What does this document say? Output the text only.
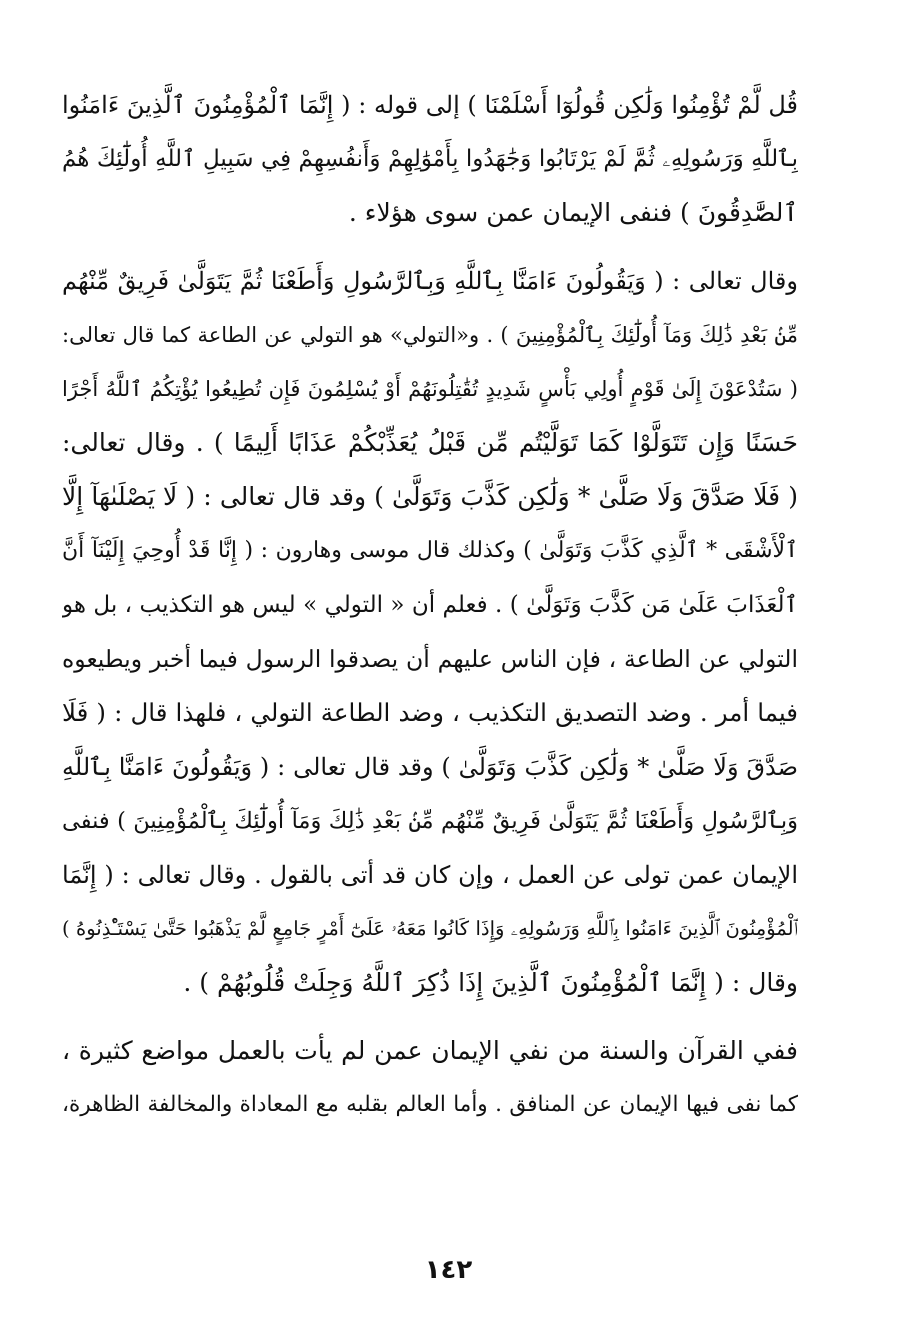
قُل لَّمْ تُؤْمِنُوا وَلَٰكِن قُولُوٓا أَسْلَمْنَا ) إلى قوله : ( إِنَّمَا ٱلْمُؤْمِنُونَ ٱلَّذِينَ ءَامَنُوا
بِٱللَّهِ وَرَسُولِهِۦ ثُمَّ لَمْ يَرْتَابُوا وَجَٰهَدُوا بِأَمْوَٰلِهِمْ وَأَنفُسِهِمْ فِي سَبِيلِ ٱللَّهِ أُولَٰٓئِكَ هُمُ
ٱلصَّٰدِقُونَ ) فنفى الإيمان عمن سوى هؤلاء .
وقال تعالى : ( وَيَقُولُونَ ءَامَنَّا بِٱللَّهِ وَبِٱلرَّسُولِ وَأَطَعْنَا ثُمَّ يَتَوَلَّىٰ فَرِيقٌ مِّنْهُم
مِّنۢ بَعْدِ ذَٰلِكَ وَمَآ أُولَٰٓئِكَ بِٱلْمُؤْمِنِينَ ) . و«التولي» هو التولي عن الطاعة كما قال تعالى:
( سَتُدْعَوْنَ إِلَىٰ قَوْمٍ أُولِي بَأْسٍ شَدِيدٍ تُقَٰتِلُونَهُمْ أَوْ يُسْلِمُونَ فَإِن تُطِيعُوا يُؤْتِكُمُ ٱللَّهُ أَجْرًا
حَسَنًا وَإِن تَتَوَلَّوْا كَمَا تَوَلَّيْتُم مِّن قَبْلُ يُعَذِّبْكُمْ عَذَابًا أَلِيمًا ) . وقال تعالى:
( فَلَا صَدَّقَ وَلَا صَلَّىٰ * وَلَٰكِن كَذَّبَ وَتَوَلَّىٰ ) وقد قال تعالى : ( لَا يَصْلَىٰهَآ إِلَّا
ٱلْأَشْقَى * ٱلَّذِي كَذَّبَ وَتَوَلَّىٰ ) وكذلك قال موسى وهارون : ( إِنَّا قَدْ أُوحِيَ إِلَيْنَآ أَنَّ
ٱلْعَذَابَ عَلَىٰ مَن كَذَّبَ وَتَوَلَّىٰ ) . فعلم أن « التولي » ليس هو التكذيب ، بل هو
التولي عن الطاعة ، فإن الناس عليهم أن يصدقوا الرسول فيما أخبر ويطيعوه
فيما أمر . وضد التصديق التكذيب ، وضد الطاعة التولي ، فلهذا قال : ( فَلَا
صَدَّقَ وَلَا صَلَّىٰ * وَلَٰكِن كَذَّبَ وَتَوَلَّىٰ ) وقد قال تعالى : ( وَيَقُولُونَ ءَامَنَّا بِٱللَّهِ
وَبِٱلرَّسُولِ وَأَطَعْنَا ثُمَّ يَتَوَلَّىٰ فَرِيقٌ مِّنْهُم مِّنۢ بَعْدِ ذَٰلِكَ وَمَآ أُولَٰٓئِكَ بِٱلْمُؤْمِنِينَ ) فنفى
الإيمان عمن تولى عن العمل ، وإن كان قد أتى بالقول . وقال تعالى : ( إِنَّمَا
ٱلْمُؤْمِنُونَ ٱلَّذِينَ ءَامَنُوا بِٱللَّهِ وَرَسُولِهِۦ وَإِذَا كَانُوا مَعَهُۥ عَلَىٰٓ أَمْرٍ جَامِعٍ لَّمْ يَذْهَبُوا حَتَّىٰ يَسْتَـْٔذِنُوهُ )
وقال : ( إِنَّمَا ٱلْمُؤْمِنُونَ ٱلَّذِينَ إِذَا ذُكِرَ ٱللَّهُ وَجِلَتْ قُلُوبُهُمْ ) .
ففي القرآن والسنة من نفي الإيمان عمن لم يأت بالعمل مواضع كثيرة ،
كما نفى فيها الإيمان عن المنافق . وأما العالم بقلبه مع المعاداة والمخالفة الظاهرة،
١٤٢
